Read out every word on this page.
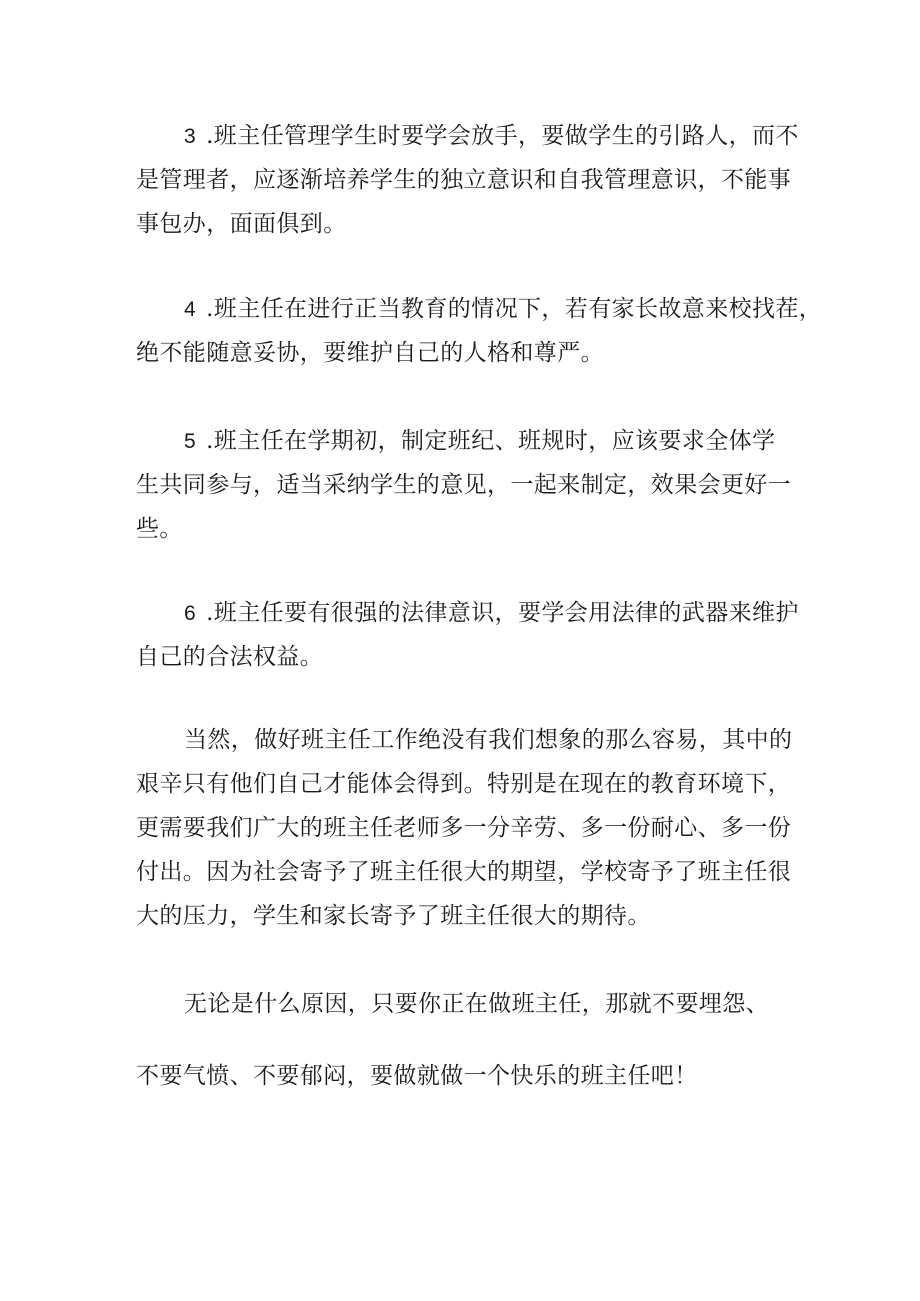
3 .班主任管理学生时要学会放手，要做学生的引路人，而不
是管理者，应逐渐培养学生的独立意识和自我管理意识，不能事
事包办，面面俱到。

4 .班主任在进行正当教育的情况下，若有家长故意来校找茬，
绝不能随意妥协，要维护自己的人格和尊严。

5 .班主任在学期初，制定班纪、班规时，应该要求全体学
生共同参与，适当采纳学生的意见，一起来制定，效果会更好一
些。

6 .班主任要有很强的法律意识，要学会用法律的武器来维护
自己的合法权益。

当然，做好班主任工作绝没有我们想象的那么容易，其中的
艰辛只有他们自己才能体会得到。特别是在现在的教育环境下，
更需要我们广大的班主任老师多一分辛劳、多一份耐心、多一份
付出。因为社会寄予了班主任很大的期望，学校寄予了班主任很
大的压力，学生和家长寄予了班主任很大的期待。

无论是什么原因，只要你正在做班主任，那就不要埋怨、

不要气愤、不要郁闷，要做就做一个快乐的班主任吧！
